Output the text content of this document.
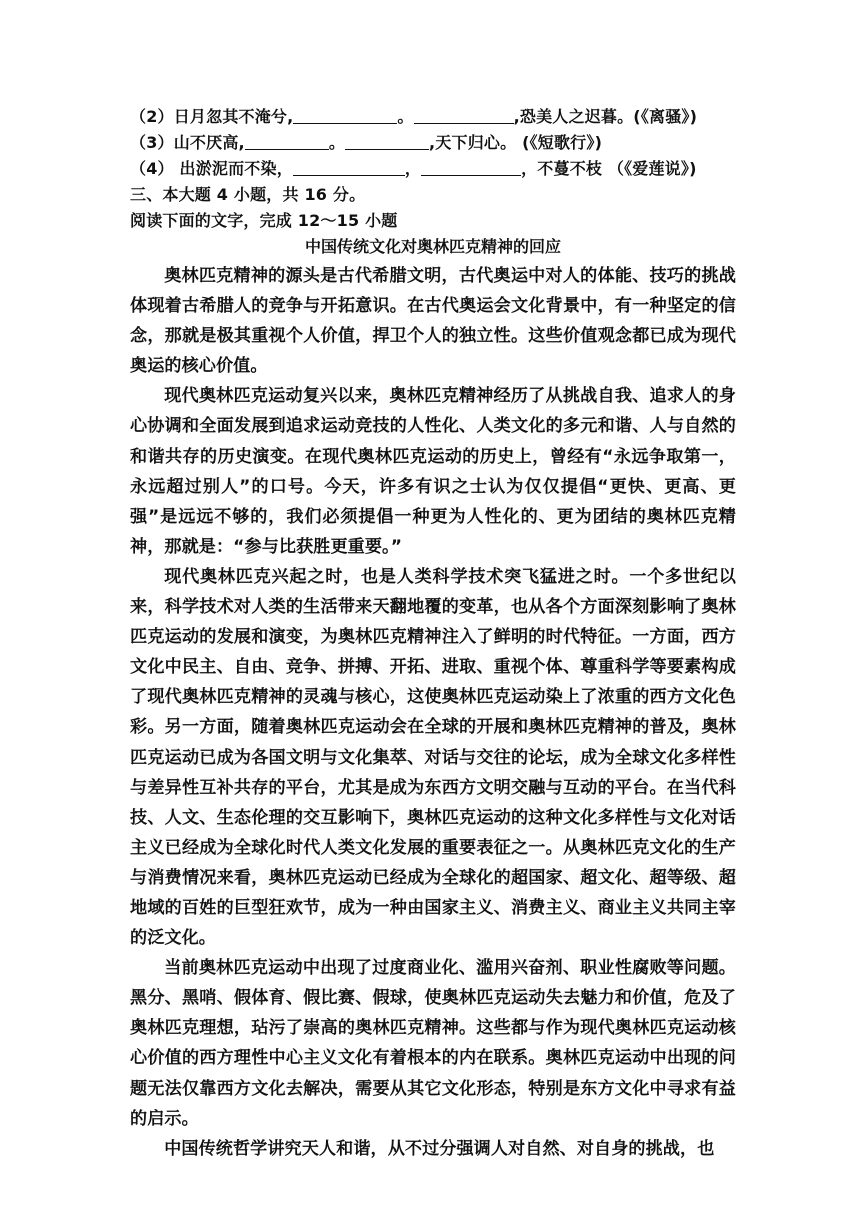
（2）日月忽其不淹兮,	。	,恐美人之迟暮。(《离骚》)
（3）山不厌高,	。	,天下归心。 (《短歌行》)
（4） 出淤泥而不染，	，	，不蔓不枝 （《爱莲说》)
三、本大题 4 小题，共 16 分。
阅读下面的文字，完成 12～15 小题
中国传统文化对奥林匹克精神的回应

奥林匹克精神的源头是古代希腊文明，古代奥运中对人的体能、技巧的挑战体现着古希腊人的竞争与开拓意识。在古代奥运会文化背景中，有一种坚定的信念，那就是极其重视个人价值，捍卫个人的独立性。这些价值观念都已成为现代奥运的核心价值。

现代奥林匹克运动复兴以来，奥林匹克精神经历了从挑战自我、追求人的身心协调和全面发展到追求运动竞技的人性化、人类文化的多元和谐、人与自然的和谐共存的历史演变。在现代奥林匹克运动的历史上，曾经有“永远争取第一，永远超过别人”的口号。今天，许多有识之士认为仅仅提倡“更快、更高、更强”是远远不够的，我们必须提倡一种更为人性化的、更为团结的奥林匹克精神，那就是：“参与比获胜更重要。”

现代奥林匹克兴起之时，也是人类科学技术突飞猛进之时。一个多世纪以来，科学技术对人类的生活带来天翻地覆的变革，也从各个方面深刻影响了奥林匹克运动的发展和演变，为奥林匹克精神注入了鲜明的时代特征。一方面，西方文化中民主、自由、竞争、拼搏、开拓、进取、重视个体、尊重科学等要素构成了现代奥林匹克精神的灵魂与核心，这使奥林匹克运动染上了浓重的西方文化色彩。另一方面，随着奥林匹克运动会在全球的开展和奥林匹克精神的普及，奥林匹克运动已成为各国文明与文化集萃、对话与交往的论坛，成为全球文化多样性与差异性互补共存的平台，尤其是成为东西方文明交融与互动的平台。在当代科技、人文、生态伦理的交互影响下，奥林匹克运动的这种文化多样性与文化对话主义已经成为全球化时代人类文化发展的重要表征之一。从奥林匹克文化的生产与消费情况来看，奥林匹克运动已经成为全球化的超国家、超文化、超等级、超地域的百姓的巨型狂欢节，成为一种由国家主义、消费主义、商业主义共同主宰的泛文化。

当前奥林匹克运动中出现了过度商业化、滥用兴奋剂、职业性腐败等问题。黑分、黑哨、假体育、假比赛、假球，使奥林匹克运动失去魅力和价值，危及了奥林匹克理想，玷污了崇高的奥林匹克精神。这些都与作为现代奥林匹克运动核心价值的西方理性中心主义文化有着根本的内在联系。奥林匹克运动中出现的问题无法仅靠西方文化去解决，需要从其它文化形态，特别是东方文化中寻求有益的启示。

中国传统哲学讲究天人和谐，从不过分强调人对自然、对自身的挑战，也
